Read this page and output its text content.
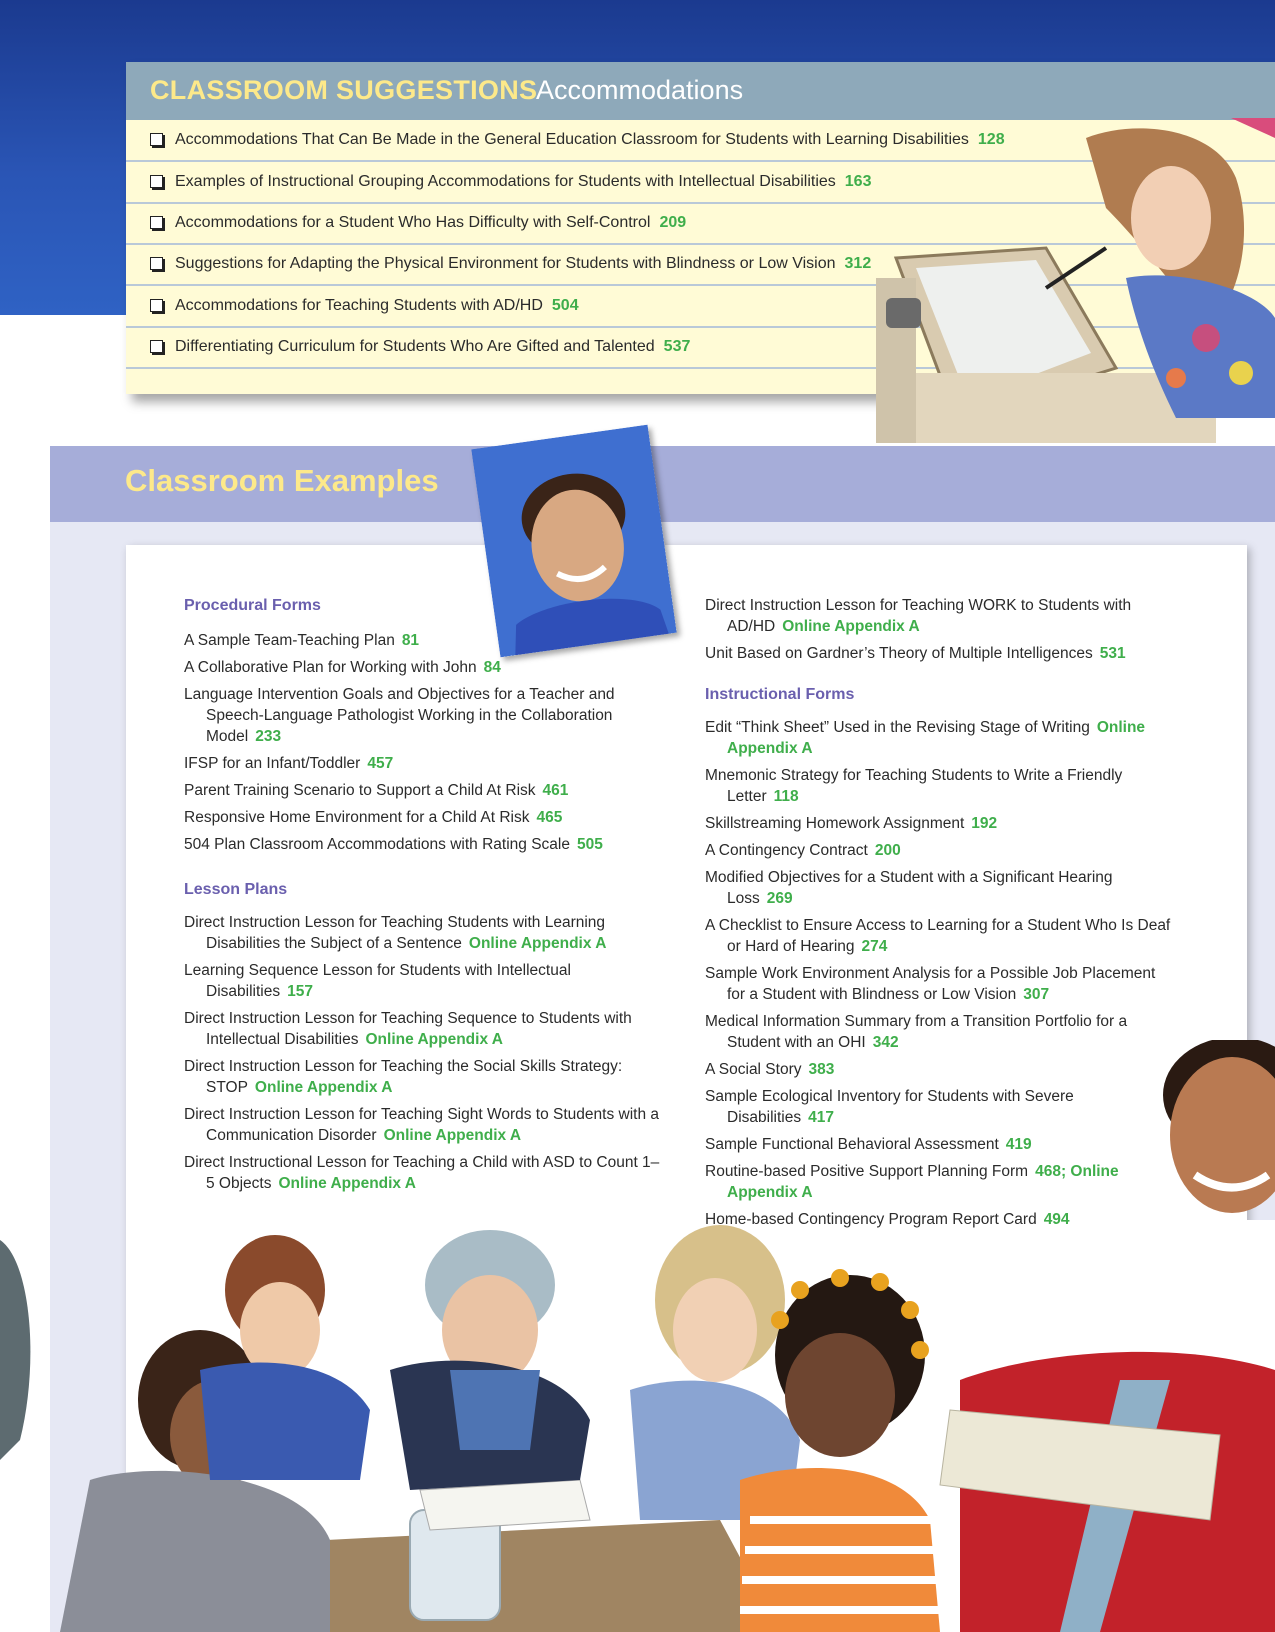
CLASSROOM SUGGESTIONS
Accommodations
Accommodations That Can Be Made in the General Education Classroom for Students with Learning Disabilities 128
Examples of Instructional Grouping Accommodations for Students with Intellectual Disabilities 163
Accommodations for a Student Who Has Difficulty with Self-Control 209
Suggestions for Adapting the Physical Environment for Students with Blindness or Low Vision 312
Accommodations for Teaching Students with AD/HD 504
Differentiating Curriculum for Students Who Are Gifted and Talented 537
Classroom Examples
Procedural Forms
A Sample Team-Teaching Plan 81
A Collaborative Plan for Working with John 84
Language Intervention Goals and Objectives for a Teacher and Speech-Language Pathologist Working in the Collaboration Model 233
IFSP for an Infant/Toddler 457
Parent Training Scenario to Support a Child At Risk 461
Responsive Home Environment for a Child At Risk 465
504 Plan Classroom Accommodations with Rating Scale 505
Lesson Plans
Direct Instruction Lesson for Teaching Students with Learning Disabilities the Subject of a Sentence Online Appendix A
Learning Sequence Lesson for Students with Intellectual Disabilities 157
Direct Instruction Lesson for Teaching Sequence to Students with Intellectual Disabilities Online Appendix A
Direct Instruction Lesson for Teaching the Social Skills Strategy: STOP Online Appendix A
Direct Instruction Lesson for Teaching Sight Words to Students with a Communication Disorder Online Appendix A
Direct Instructional Lesson for Teaching a Child with ASD to Count 1–5 Objects Online Appendix A
Direct Instruction Lesson for Teaching WORK to Students with AD/HD Online Appendix A
Unit Based on Gardner’s Theory of Multiple Intelligences 531
Instructional Forms
Edit “Think Sheet” Used in the Revising Stage of Writing Online Appendix A
Mnemonic Strategy for Teaching Students to Write a Friendly Letter 118
Skillstreaming Homework Assignment 192
A Contingency Contract 200
Modified Objectives for a Student with a Significant Hearing Loss 269
A Checklist to Ensure Access to Learning for a Student Who Is Deaf or Hard of Hearing 274
Sample Work Environment Analysis for a Possible Job Placement for a Student with Blindness or Low Vision 307
Medical Information Summary from a Transition Portfolio for a Student with an OHI 342
A Social Story 383
Sample Ecological Inventory for Students with Severe Disabilities 417
Sample Functional Behavioral Assessment 419
Routine-based Positive Support Planning Form 468; Online Appendix A
Home-based Contingency Program Report Card 494
